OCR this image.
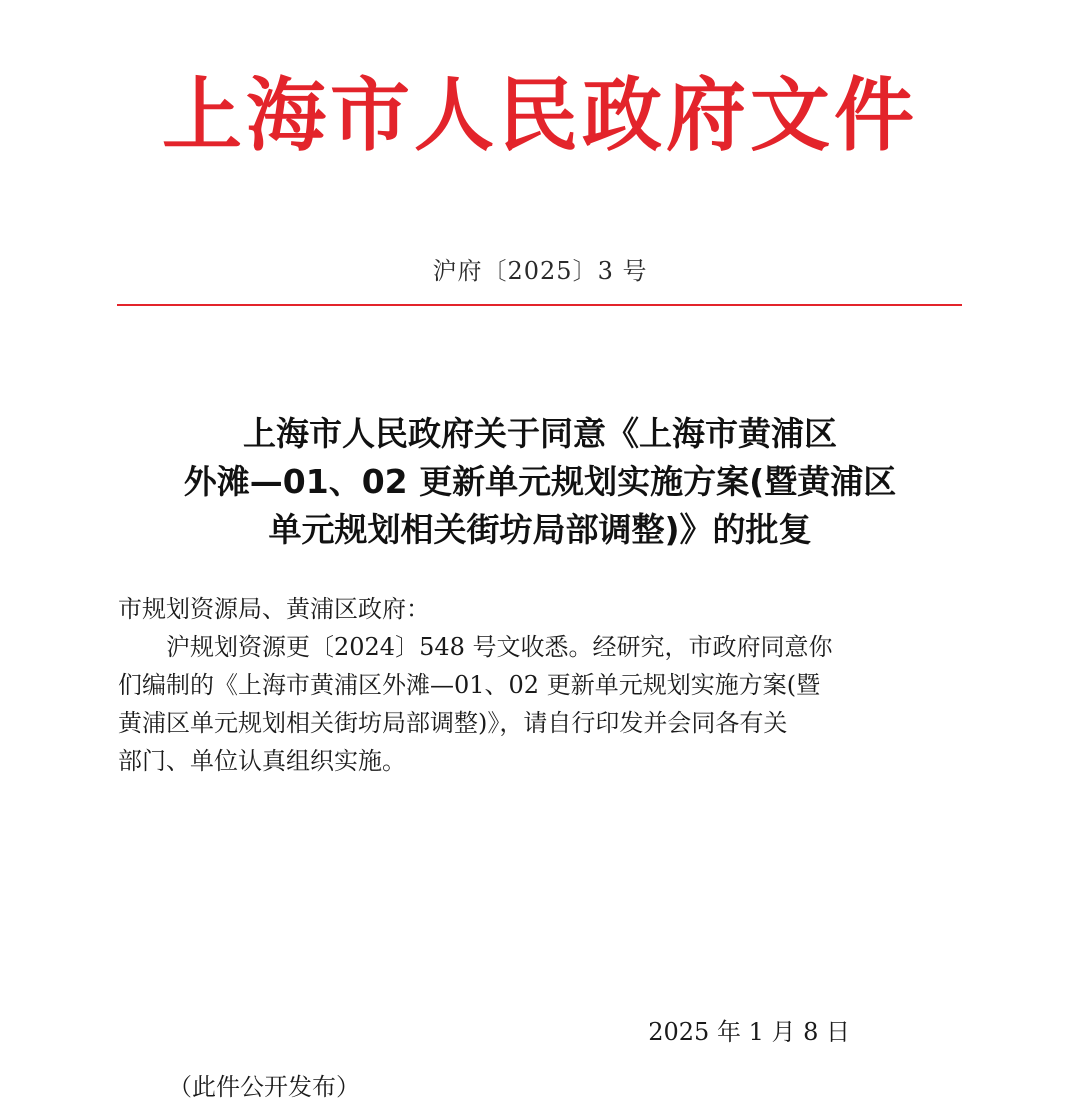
上海市人民政府文件
沪府〔2025〕3 号
上海市人民政府关于同意《上海市黄浦区
外滩—01、02 更新单元规划实施方案(暨黄浦区
单元规划相关街坊局部调整)》的批复

市规划资源局、黄浦区政府：

沪规划资源更〔2024〕548 号文收悉。经研究，市政府同意你

们编制的《上海市黄浦区外滩—01、02 更新单元规划实施方案(暨

黄浦区单元规划相关街坊局部调整)》，请自行印发并会同各有关

部门、单位认真组织实施。

2025 年 1 月 8 日
（此件公开发布）
